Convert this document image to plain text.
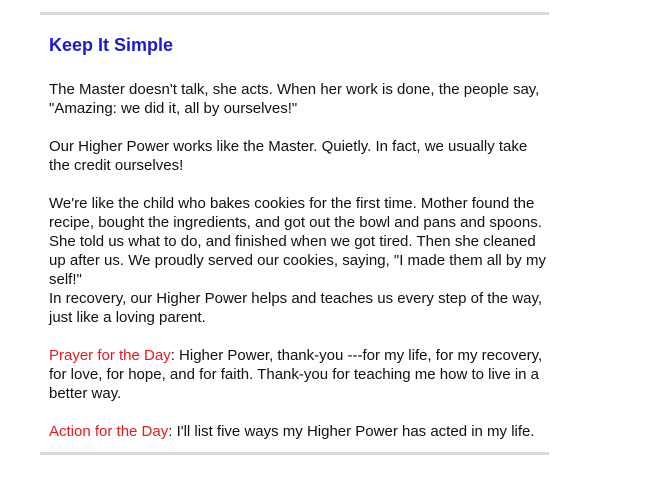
Keep It Simple

The Master doesn't talk, she acts. When her work is done, the people say, "Amazing: we did it, all by ourselves!"

Our Higher Power works like the Master. Quietly. In fact, we usually take the credit ourselves!

We're like the child who bakes cookies for the first time. Mother found the recipe, bought the ingredients, and got out the bowl and pans and spoons. She told us what to do, and finished when we got tired. Then she cleaned up after us. We proudly served our cookies, saying, "I made them all by my self!"

In recovery, our Higher Power helps and teaches us every step of the way, just like a loving parent.

Prayer for the Day: Higher Power, thank-you ---for my life, for my recovery, for love, for hope, and for faith. Thank-you for teaching me how to live in a better way.

Action for the Day: I'll list five ways my Higher Power has acted in my life.
